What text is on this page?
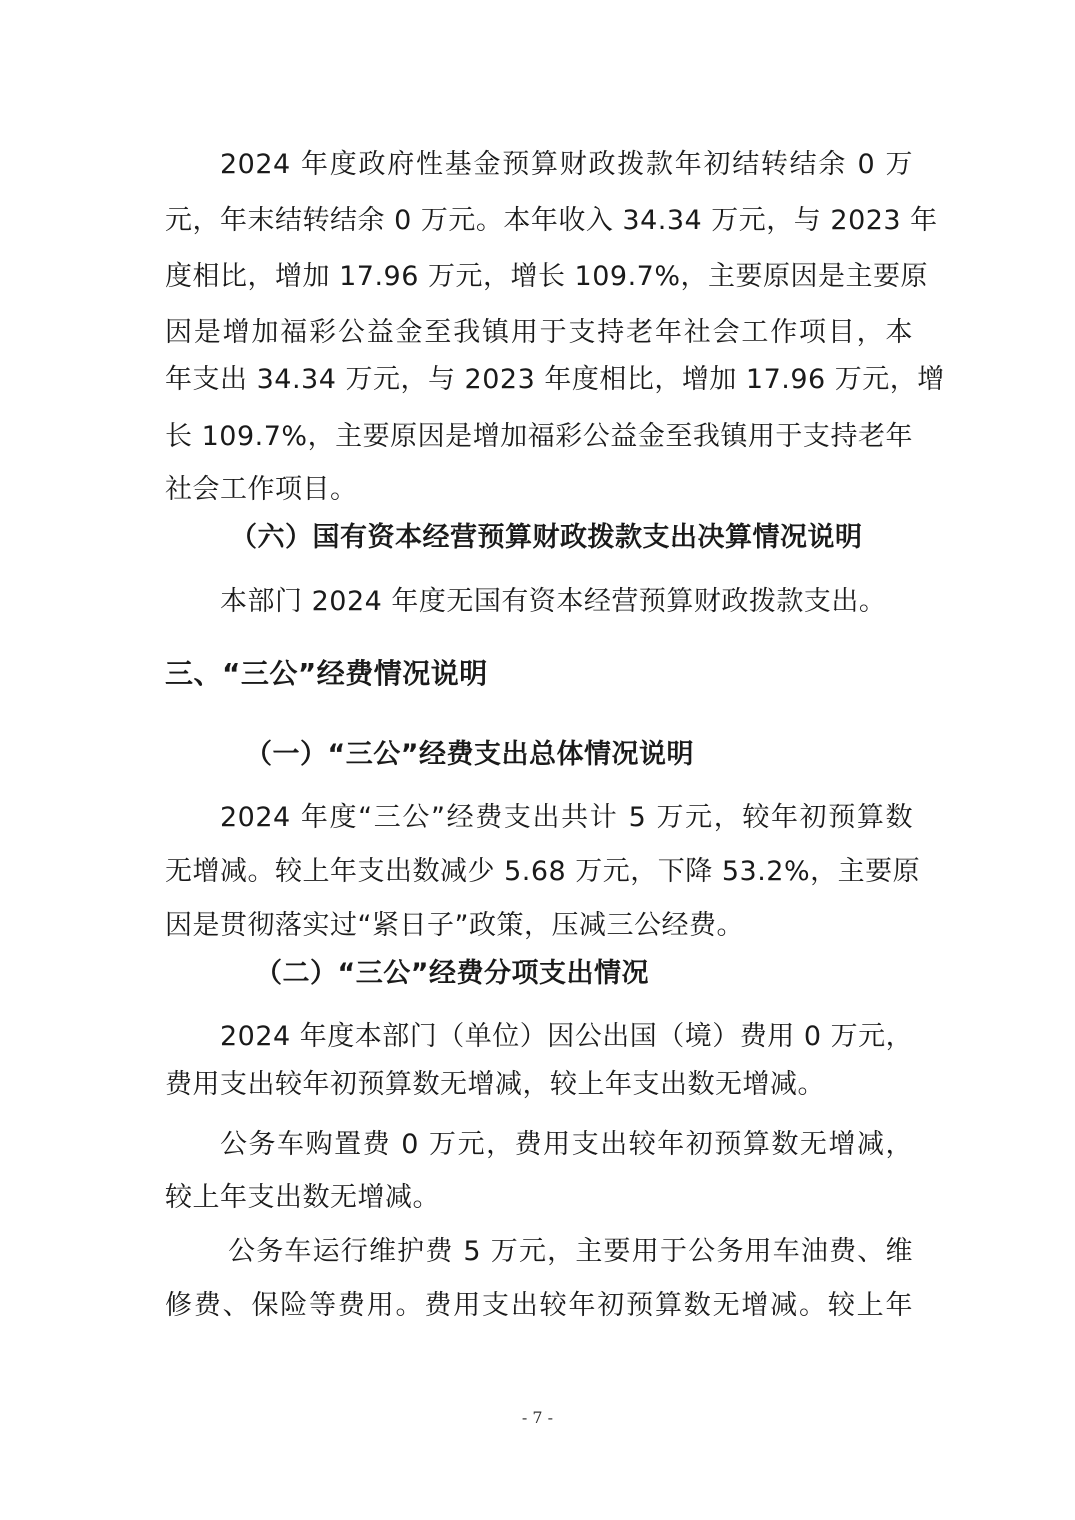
2024 年度政府性基金预算财政拨款年初结转结余 0 万
元，年末结转结余 0 万元。本年收入 34.34 万元，与 2023 年
度相比，增加 17.96 万元，增长 109.7%，主要原因是主要原
因是增加福彩公益金至我镇用于支持老年社会工作项目，本
年支出 34.34 万元，与 2023 年度相比，增加 17.96 万元，增
长 109.7%，主要原因是增加福彩公益金至我镇用于支持老年
社会工作项目。
（六）国有资本经营预算财政拨款支出决算情况说明
本部门 2024 年度无国有资本经营预算财政拨款支出。
三、“三公”经费情况说明
（一）“三公”经费支出总体情况说明
2024 年度“三公”经费支出共计 5 万元，较年初预算数
无增减。较上年支出数减少 5.68 万元，下降 53.2%，主要原
因是贯彻落实过“紧日子”政策，压减三公经费。
（二）“三公”经费分项支出情况
2024 年度本部门（单位）因公出国（境）费用 0 万元，
费用支出较年初预算数无增减，较上年支出数无增减。
公务车购置费 0 万元，费用支出较年初预算数无增减，
较上年支出数无增减。
公务车运行维护费 5 万元，主要用于公务用车油费、维
修费、保险等费用。费用支出较年初预算数无增减。较上年
- 7 -
